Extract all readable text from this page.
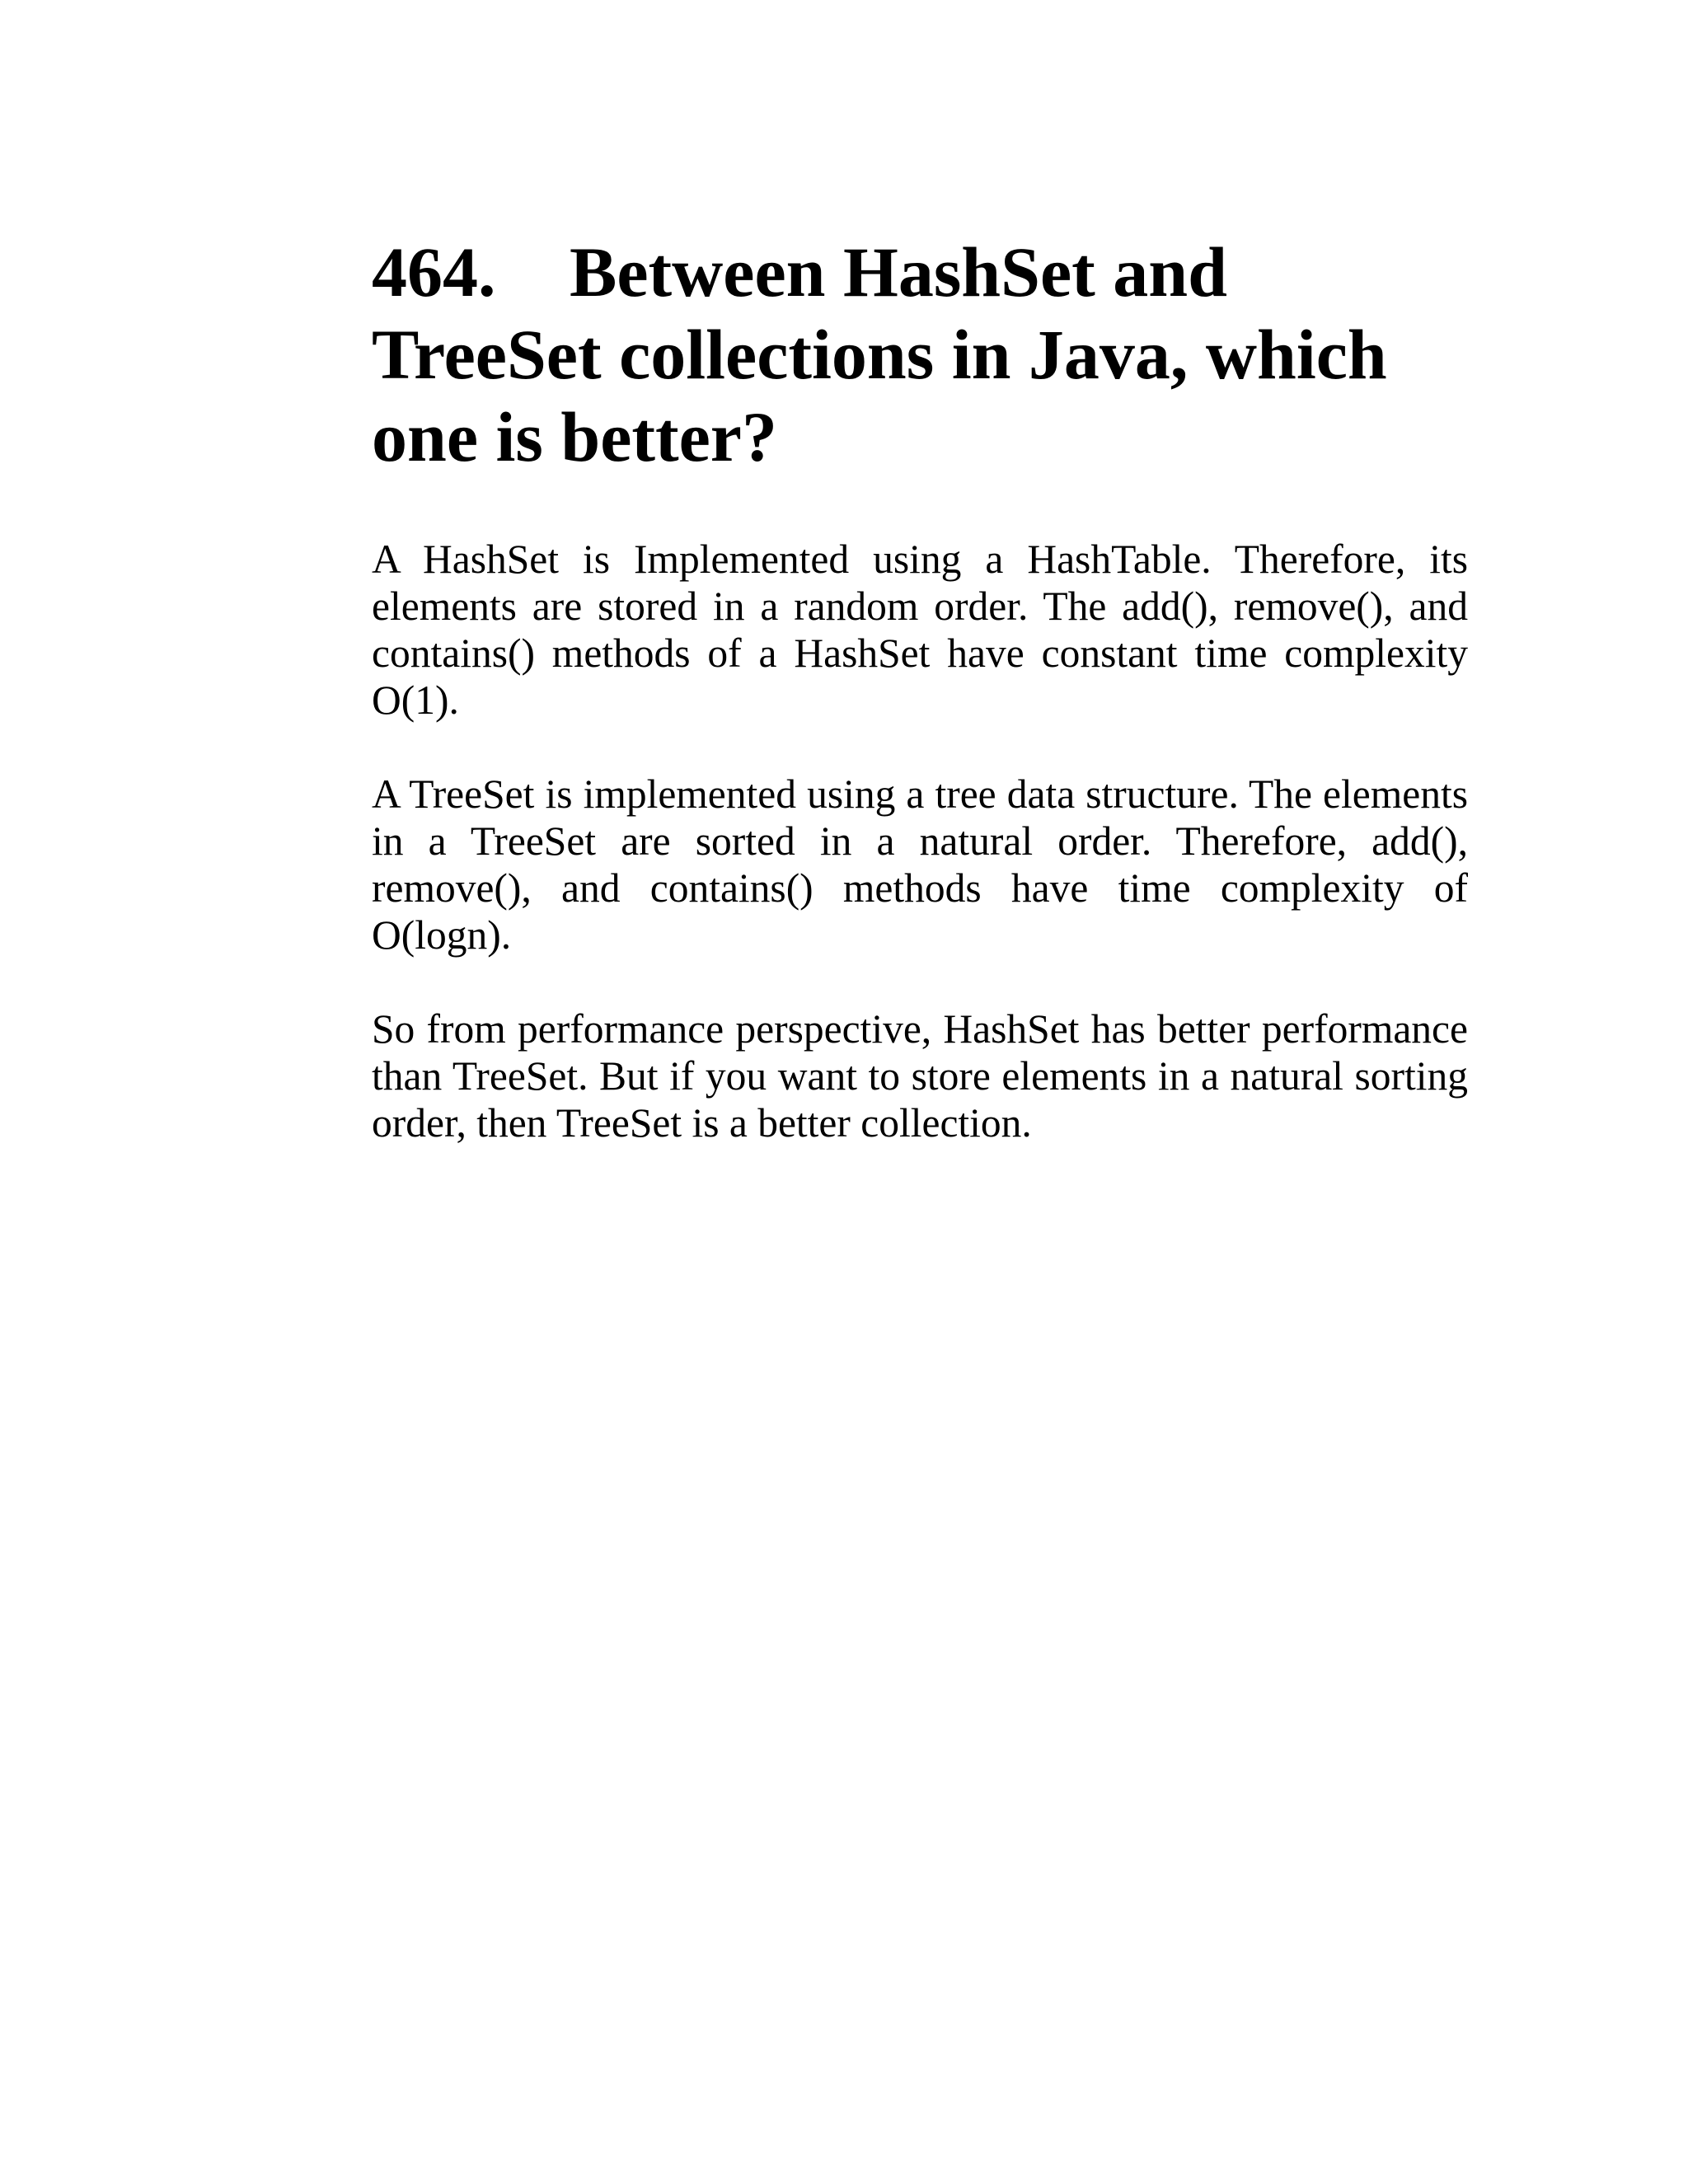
464. Between HashSet and TreeSet collections in Java, which one is better?

A HashSet is Implemented using a HashTable. Therefore, its elements are stored in a random order. The add(), remove(), and contains() methods of a HashSet have constant time complexity O(1).

A TreeSet is implemented using a tree data structure. The elements in a TreeSet are sorted in a natural order. Therefore, add(), remove(), and contains() methods have time complexity of O(logn).

So from performance perspective, HashSet has better performance than TreeSet. But if you want to store elements in a natural sorting order, then TreeSet is a better collection.
